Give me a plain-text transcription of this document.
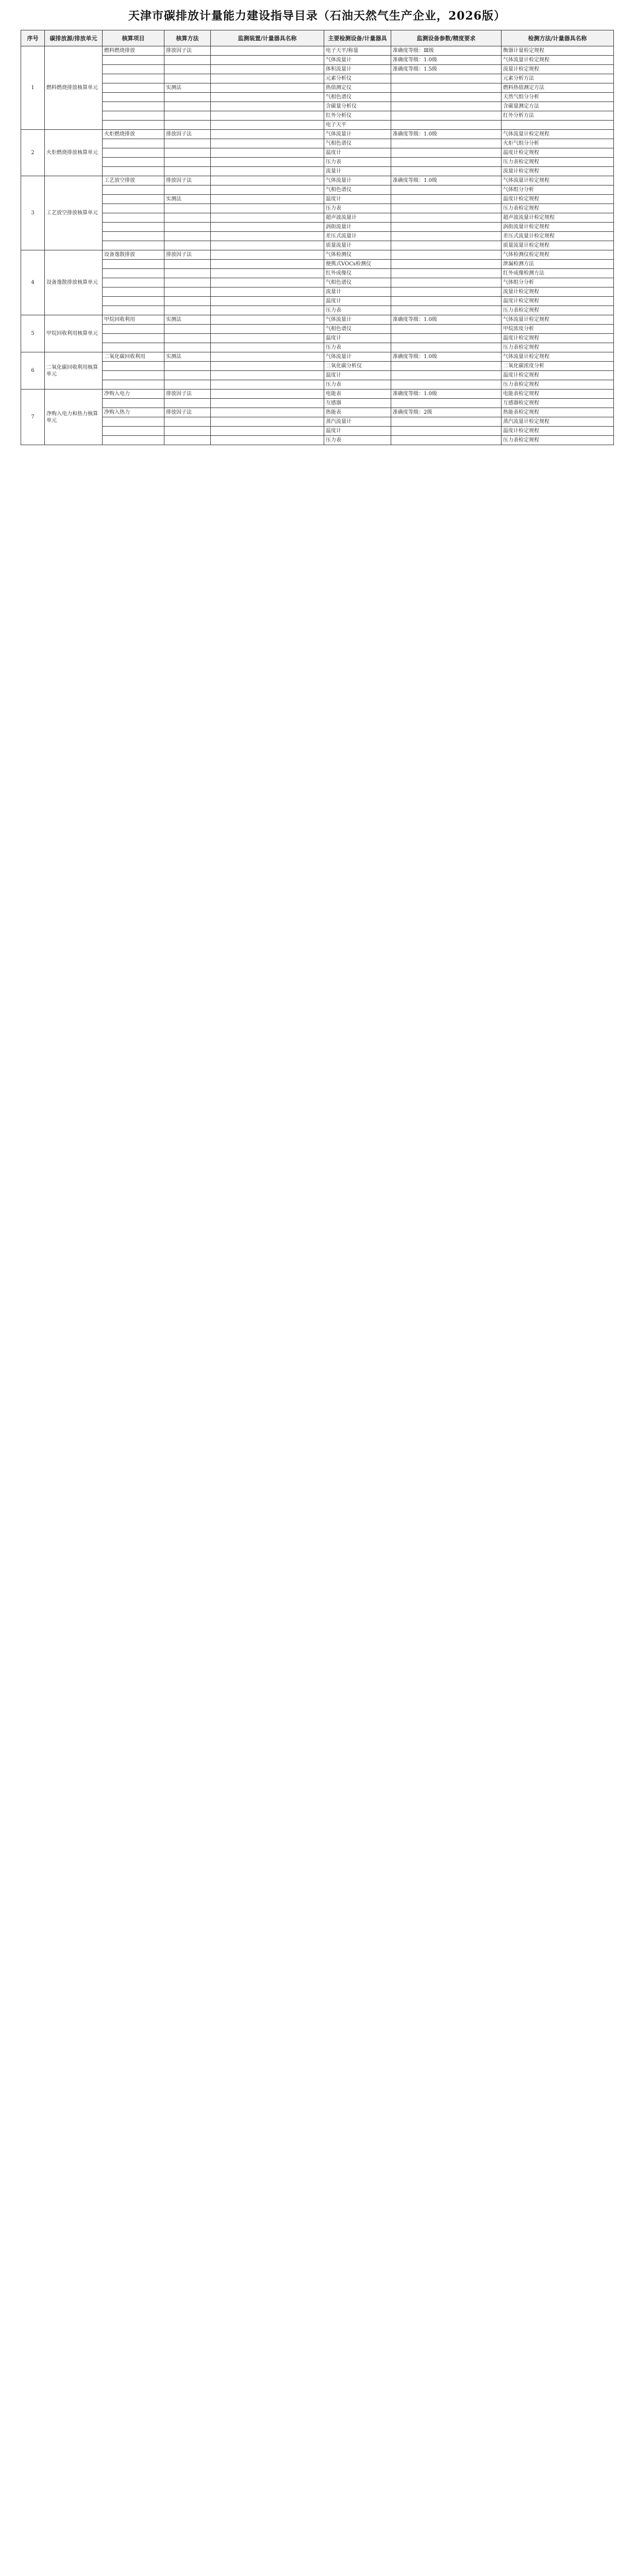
天津市碳排放计量能力建设指导目录（石油天然气生产企业，2026版）
序号	碳排放源/排放单元	核算项目	核算方法	监测装置/计量器具名称	主要检测设备/计量器具	监测设备参数/精度要求	检测方法/计量器具名称
1	燃料燃烧排放核算单元	燃料燃烧排放	排放因子法		电子天平/称量	准确度等级：Ⅲ级	衡器计量检定规程
					气体流量计	准确度等级：1.0级	气体流量计检定规程
					体积流量计	准确度等级：1.5级	流量计检定规程
					元素分析仪		元素分析方法
			实测法		热值测定仪		燃料热值测定方法
					气相色谱仪		天然气组分分析
					含碳量分析仪		含碳量测定方法
					红外分析仪		红外分析方法
					电子天平		
2	火炬燃烧排放核算单元	火炬燃烧排放	排放因子法		气体流量计	准确度等级：1.0级	气体流量计检定规程
					气相色谱仪		火炬气组分分析
					温度计		温度计检定规程
					压力表		压力表检定规程
					流量计		流量计检定规程
3	工艺放空排放核算单元	工艺放空排放	排放因子法		气体流量计	准确度等级：1.0级	气体流量计检定规程
					气相色谱仪		气体组分分析
			实测法		温度计		温度计检定规程
					压力表		压力表检定规程
					超声波流量计		超声波流量计检定规程
					涡街流量计		涡街流量计检定规程
					差压式流量计		差压式流量计检定规程
					质量流量计		质量流量计检定规程
4	设备逸散排放核算单元	设备逸散排放	排放因子法		气体检测仪		气体检测仪检定规程
					便携式VOCs检测仪		泄漏检测方法
					红外成像仪		红外成像检测方法
					气相色谱仪		气体组分分析
					流量计		流量计检定规程
					温度计		温度计检定规程
					压力表		压力表检定规程
5	甲烷回收利用核算单元	甲烷回收利用	实测法		气体流量计	准确度等级：1.0级	气体流量计检定规程
					气相色谱仪		甲烷浓度分析
					温度计		温度计检定规程
					压力表		压力表检定规程
6	二氧化碳回收利用核算单元	二氧化碳回收利用	实测法		气体流量计	准确度等级：1.0级	气体流量计检定规程
					二氧化碳分析仪		二氧化碳浓度分析
					温度计		温度计检定规程
					压力表		压力表检定规程
7	净购入电力和热力核算单元	净购入电力	排放因子法		电能表	准确度等级：1.0级	电能表检定规程
					互感器		互感器检定规程
		净购入热力	排放因子法		热能表	准确度等级：2级	热能表检定规程
					蒸汽流量计		蒸汽流量计检定规程
					温度计		温度计检定规程
					压力表		压力表检定规程
